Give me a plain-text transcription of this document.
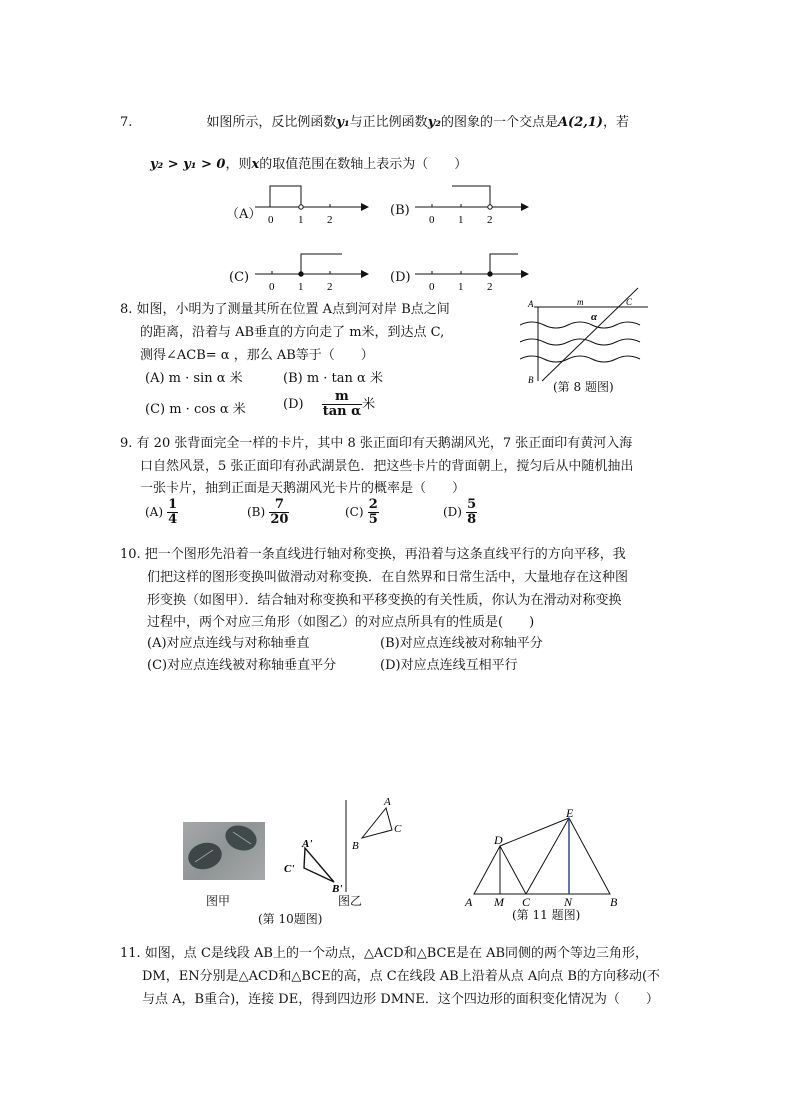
7.	如图所示，反比例函数y₁与正比例函数y₂的图象的一个交点是A(2,1)，若
y₂ > y₁ > 0，则x的取值范围在数轴上表示为（　　）
（A） 0 1 2
(B)
0 1 2
(C)
0 1 2
(D)
0 1 2
8. 如图，小明为了测量其所在位置 A点到河对岸 B点之间
的距离，沿着与 AB垂直的方向走了 m米，到达点 C,
测得∠ACB= α ，那么 AB等于（　　）
(A) m · sin α 米	(B) m · tan α 米
(C) m · cos α 米	$(D) \frac{m}{\text{tan α}}$ 米
A	m
α
C
B (第 8 题图)
9. 有 20 张背面完全一样的卡片，其中 8 张正面印有天鹅湖风光，7 张正面印有黄河入海
口自然风景，5 张正面印有孙武湖景色．把这些卡片的背面朝上，搅匀后从中随机抽出
一张卡片，抽到正面是天鹅湖风光卡片的概率是（　　）
$(A) \frac{1}{4}$	$(B) \frac{7}{20}$	$(C) \frac{2}{5}$	$(D) \frac{5}{8}$
10. 把一个图形先沿着一条直线进行轴对称变换，再沿着与这条直线平行的方向平移，我
们把这样的图形变换叫做滑动对称变换．在自然界和日常生活中，大量地存在这种图
形变换（如图甲）．结合轴对称变换和平移变换的有关性质，你认为在滑动对称变换
过程中，两个对应三角形（如图乙）的对应点所具有的性质是(　　)
(A)对应点连线与对称轴垂直	(B)对应点连线被对称轴平分
(C)对应点连线被对称轴垂直平分	(D)对应点连线互相平行
图甲
A
C
B
A'
C'
B'
图乙
(第 10题图)
D
E
A M C	N	B
(第 11 题图)
11. 如图，点 C是线段 AB上的一个动点，△ACD和△BCE是在 AB同侧的两个等边三角形，
DM，EN分别是△ACD和△BCE的高，点 C在线段 AB上沿着从点 A向点 B的方向移动(不
与点 A，B重合)，连接 DE，得到四边形 DMNE．这个四边形的面积变化情况为（　　）
